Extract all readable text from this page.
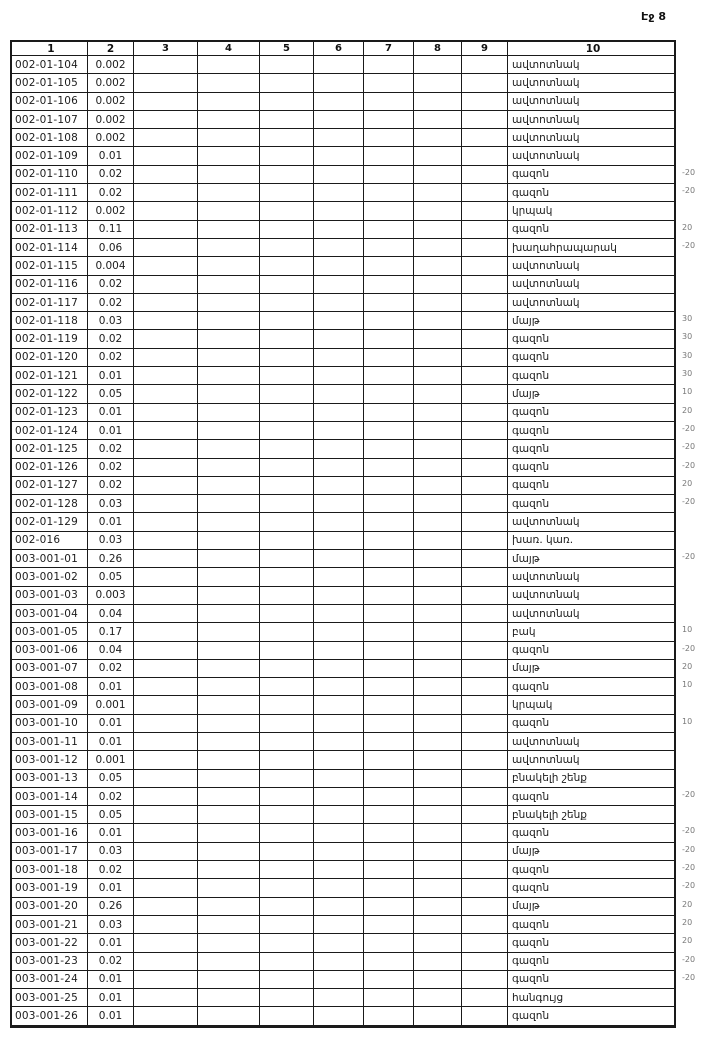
Էջ 8
1	2	3	4	5	6	7	8	9	10
002-01-104	0.002	ավտոտնակ
002-01-105	0.002	ավտոտնակ
002-01-106	0.002	ավտոտնակ
002-01-107	0.002	ավտոտնակ
002-01-108	0.002	ավտոտնակ
002-01-109	0.01	ավտոտնակ
002-01-110	0.02	գազոն	-20
002-01-111	0.02	գազոն	-20
002-01-112	0.002	կրպակ
002-01-113	0.11	գազոն	20
002-01-114	0.06	խաղահրապարակ	-20
002-01-115	0.004	ավտոտնակ
002-01-116	0.02	ավտոտնակ
002-01-117	0.02	ավտոտնակ
002-01-118	0.03	մայթ	30
002-01-119	0.02	գազոն	30
002-01-120	0.02	գազոն	30
002-01-121	0.01	գազոն	30
002-01-122	0.05	մայթ	10
002-01-123	0.01	գազոն	20
002-01-124	0.01	գազոն	-20
002-01-125	0.02	գազոն	-20
002-01-126	0.02	գազոն	-20
002-01-127	0.02	գազոն	20
002-01-128	0.03	գազոն	-20
002-01-129	0.01	ավտոտնակ
002-016	0.03	խառ. կառ.
003-001-01	0.26	մայթ	-20
003-001-02	0.05	ավտոտնակ
003-001-03	0.003	ավտոտնակ
003-001-04	0.04	ավտոտնակ
003-001-05	0.17	բակ	10
003-001-06	0.04	գազոն	-20
003-001-07	0.02	մայթ	20
003-001-08	0.01	գազոն	10
003-001-09	0.001	կրպակ
003-001-10	0.01	գազոն	10
003-001-11	0.01	ավտոտնակ
003-001-12	0.001	ավտոտնակ
003-001-13	0.05	բնակելի շենք
003-001-14	0.02	գազոն	-20
003-001-15	0.05	բնակելի շենք
003-001-16	0.01	գազոն	-20
003-001-17	0.03	մայթ	-20
003-001-18	0.02	գազոն	-20
003-001-19	0.01	գազոն	-20
003-001-20	0.26	մայթ	20
003-001-21	0.03	գազոն	20
003-001-22	0.01	գազոն	20
003-001-23	0.02	գազոն	-20
003-001-24	0.01	գազոն	-20
003-001-25	0.01	հանգույց
003-001-26	0.01	գազոն
